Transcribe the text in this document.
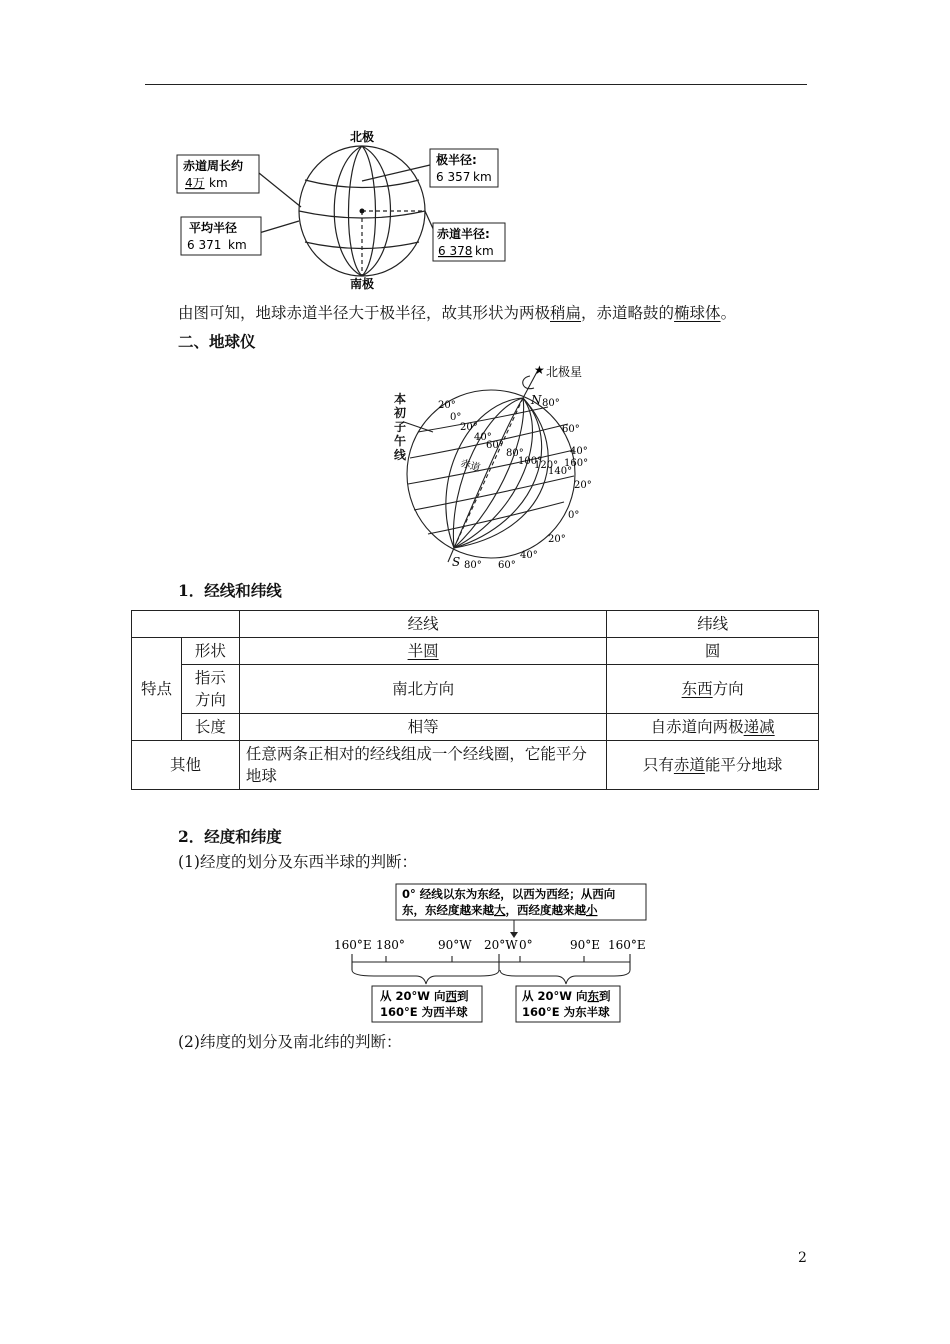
北极
南极
赤道周长约
4万 km
平均半径
6 371 km
极半径:
6 357 km
赤道半径:
6 378 km
由图可知，地球赤道半径大于极半径，故其形状为两极稍扁，赤道略鼓的椭球体。
二、地球仪
北极星
★
N
S
赤道
80°
60°
40°
20°
0°
20°
40°
20°
0°
20°
40°
60°
80°
100°
120°
140°
160°
80° 60°
本初子午线
1．经线和纬线
		经线	纬线
特点	形状	半圆	圆
	指示方向	南北方向	东西方向
	长度	相等	自赤道向两极递减
其他		任意两条正相对的经线组成一个经线圈，它能平分地球	只有赤道能平分地球
2．经度和纬度
(1)经度的划分及东西半球的判断：
0° 经线以东为东经，以西为西经；从西向
东，东经度越来越大，西经度越来越小
160°E 180°	90°W 20°W 0°	90°E 160°E
从 20°W 向西到
160°E 为西半球
从 20°W 向东到
160°E 为东半球
(2)纬度的划分及南北纬的判断：
2
